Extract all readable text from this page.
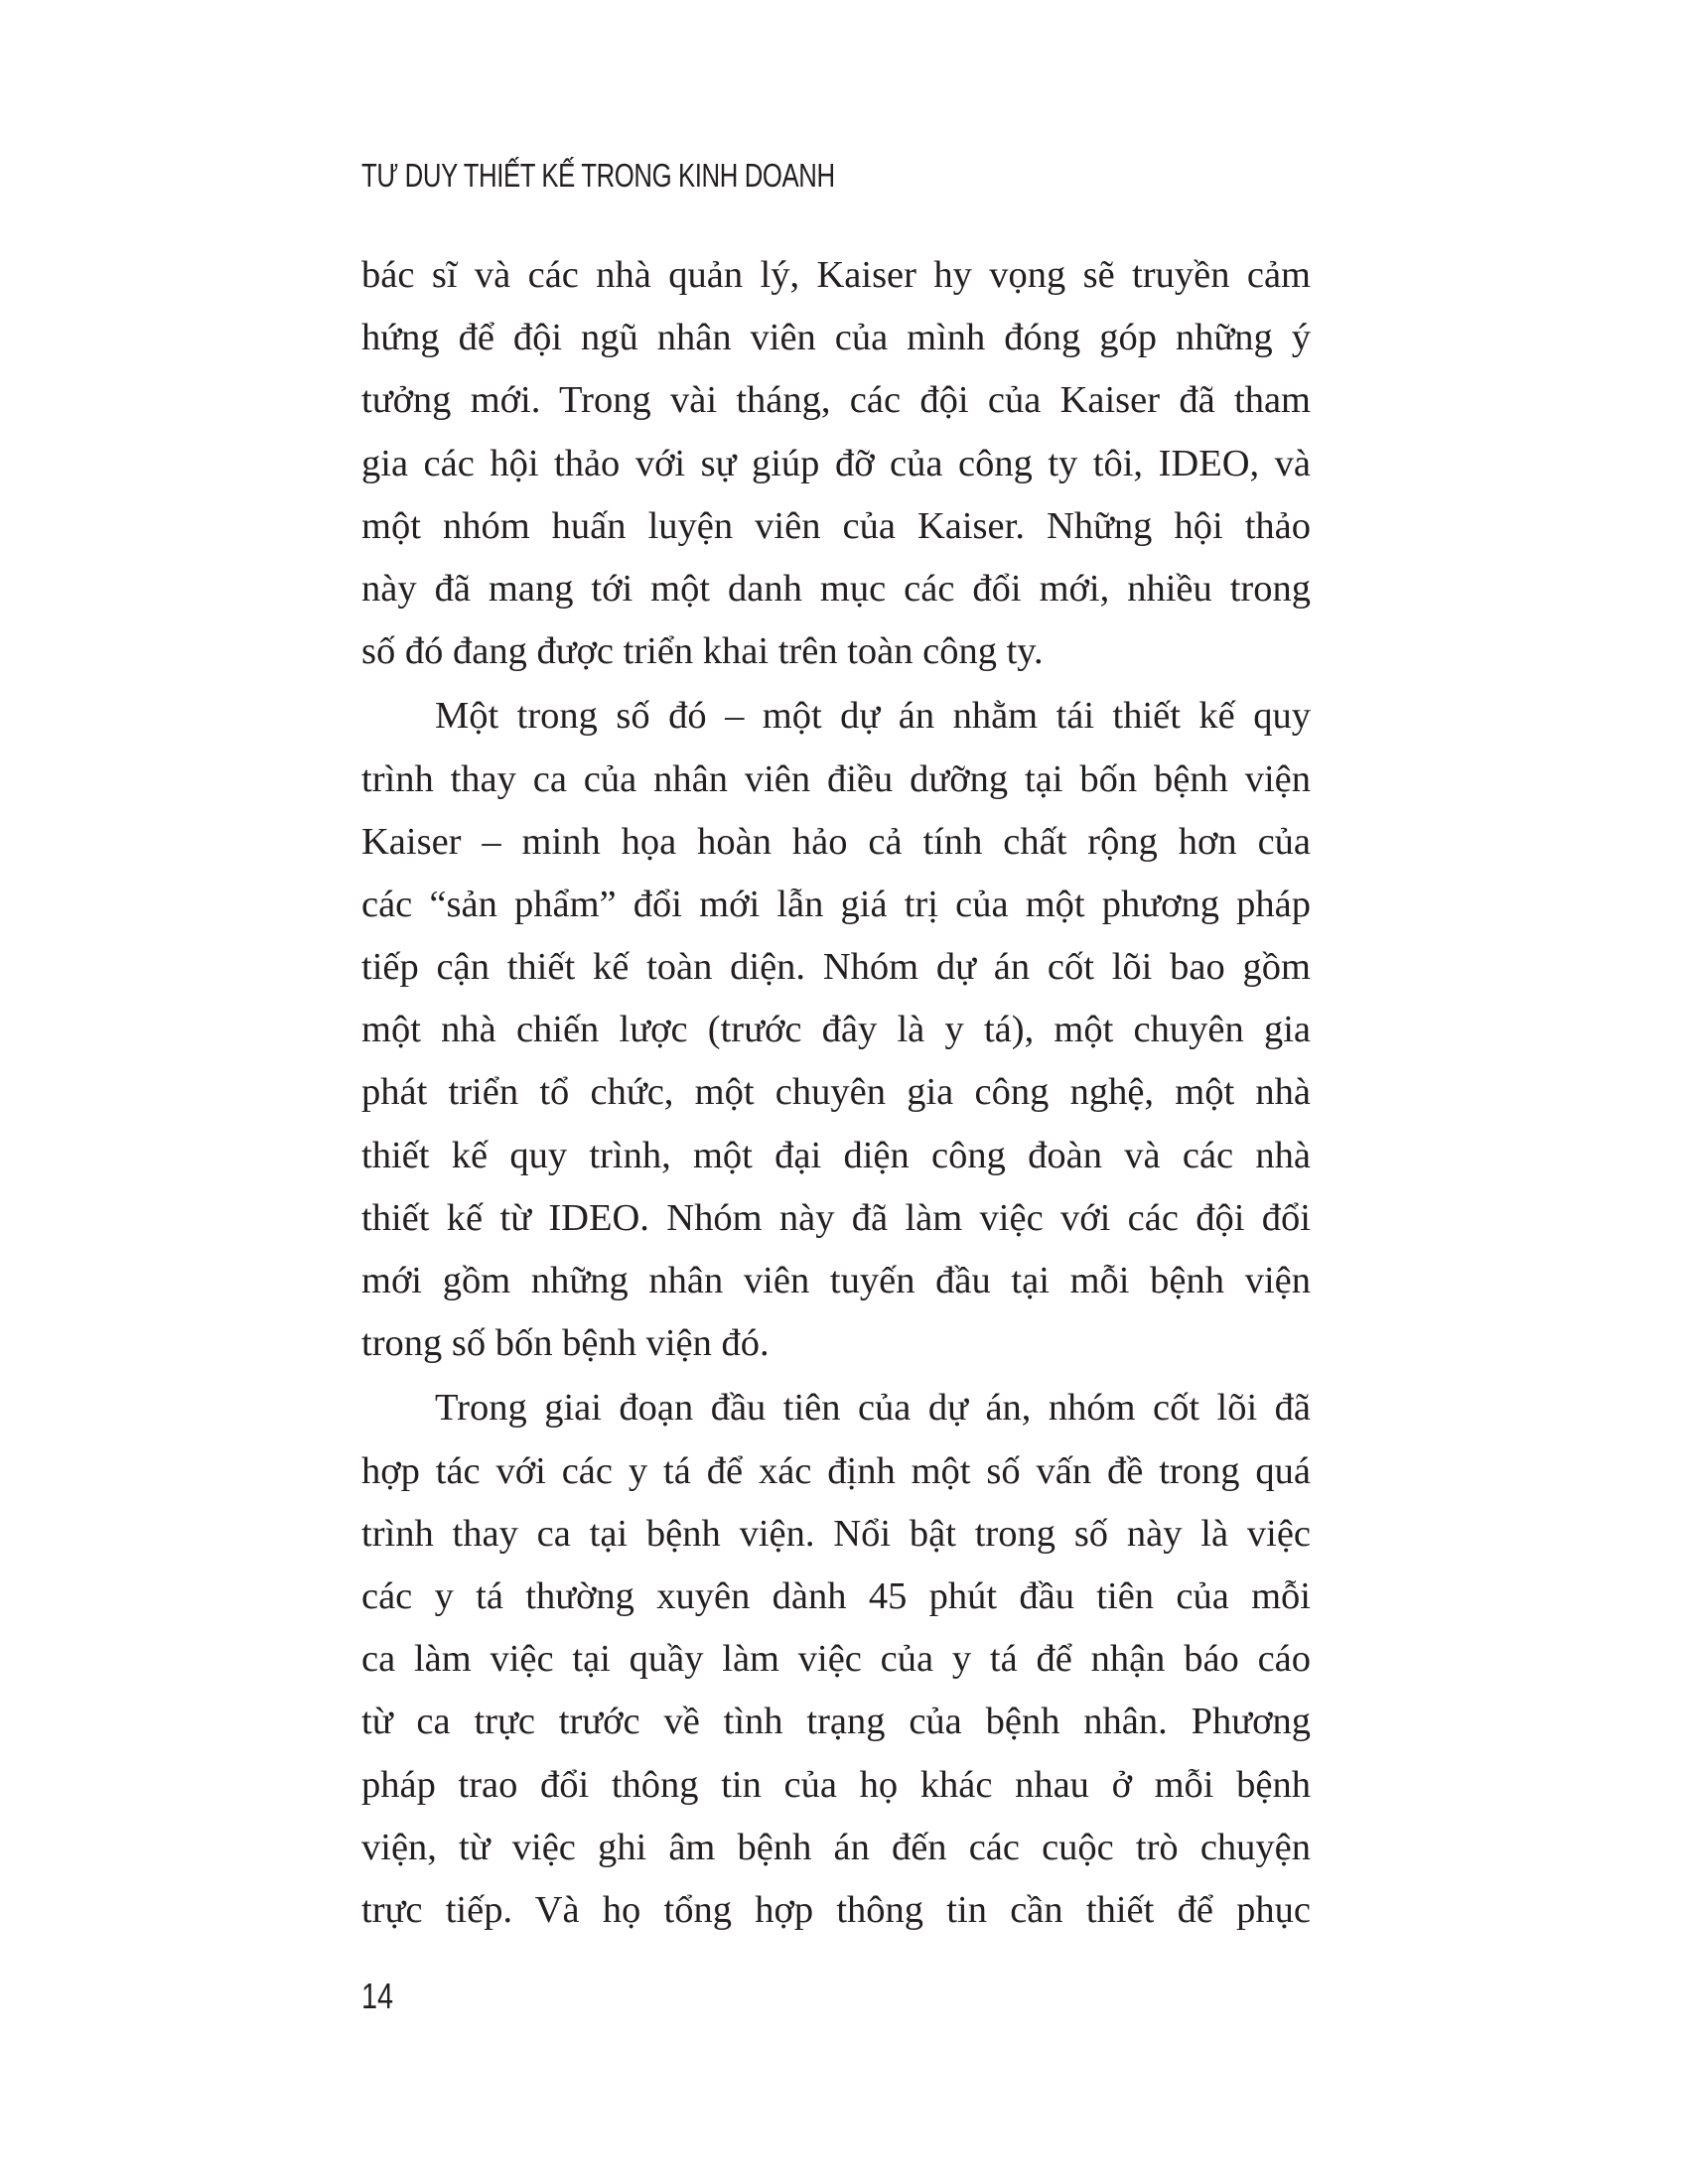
TƯ DUY THIẾT KẾ TRONG KINH DOANH
bác sĩ và các nhà quản lý, Kaiser hy vọng sẽ truyền cảm
hứng để đội ngũ nhân viên của mình đóng góp những ý
tưởng mới. Trong vài tháng, các đội của Kaiser đã tham
gia các hội thảo với sự giúp đỡ của công ty tôi, IDEO, và
một nhóm huấn luyện viên của Kaiser. Những hội thảo
này đã mang tới một danh mục các đổi mới, nhiều trong
số đó đang được triển khai trên toàn công ty.
Một trong số đó – một dự án nhằm tái thiết kế quy
trình thay ca của nhân viên điều dưỡng tại bốn bệnh viện
Kaiser – minh họa hoàn hảo cả tính chất rộng hơn của
các “sản phẩm” đổi mới lẫn giá trị của một phương pháp
tiếp cận thiết kế toàn diện. Nhóm dự án cốt lõi bao gồm
một nhà chiến lược (trước đây là y tá), một chuyên gia
phát triển tổ chức, một chuyên gia công nghệ, một nhà
thiết kế quy trình, một đại diện công đoàn và các nhà
thiết kế từ IDEO. Nhóm này đã làm việc với các đội đổi
mới gồm những nhân viên tuyến đầu tại mỗi bệnh viện
trong số bốn bệnh viện đó.
Trong giai đoạn đầu tiên của dự án, nhóm cốt lõi đã
hợp tác với các y tá để xác định một số vấn đề trong quá
trình thay ca tại bệnh viện. Nổi bật trong số này là việc
các y tá thường xuyên dành 45 phút đầu tiên của mỗi
ca làm việc tại quầy làm việc của y tá để nhận báo cáo
từ ca trực trước về tình trạng của bệnh nhân. Phương
pháp trao đổi thông tin của họ khác nhau ở mỗi bệnh
viện, từ việc ghi âm bệnh án đến các cuộc trò chuyện
trực tiếp. Và họ tổng hợp thông tin cần thiết để phục
14
